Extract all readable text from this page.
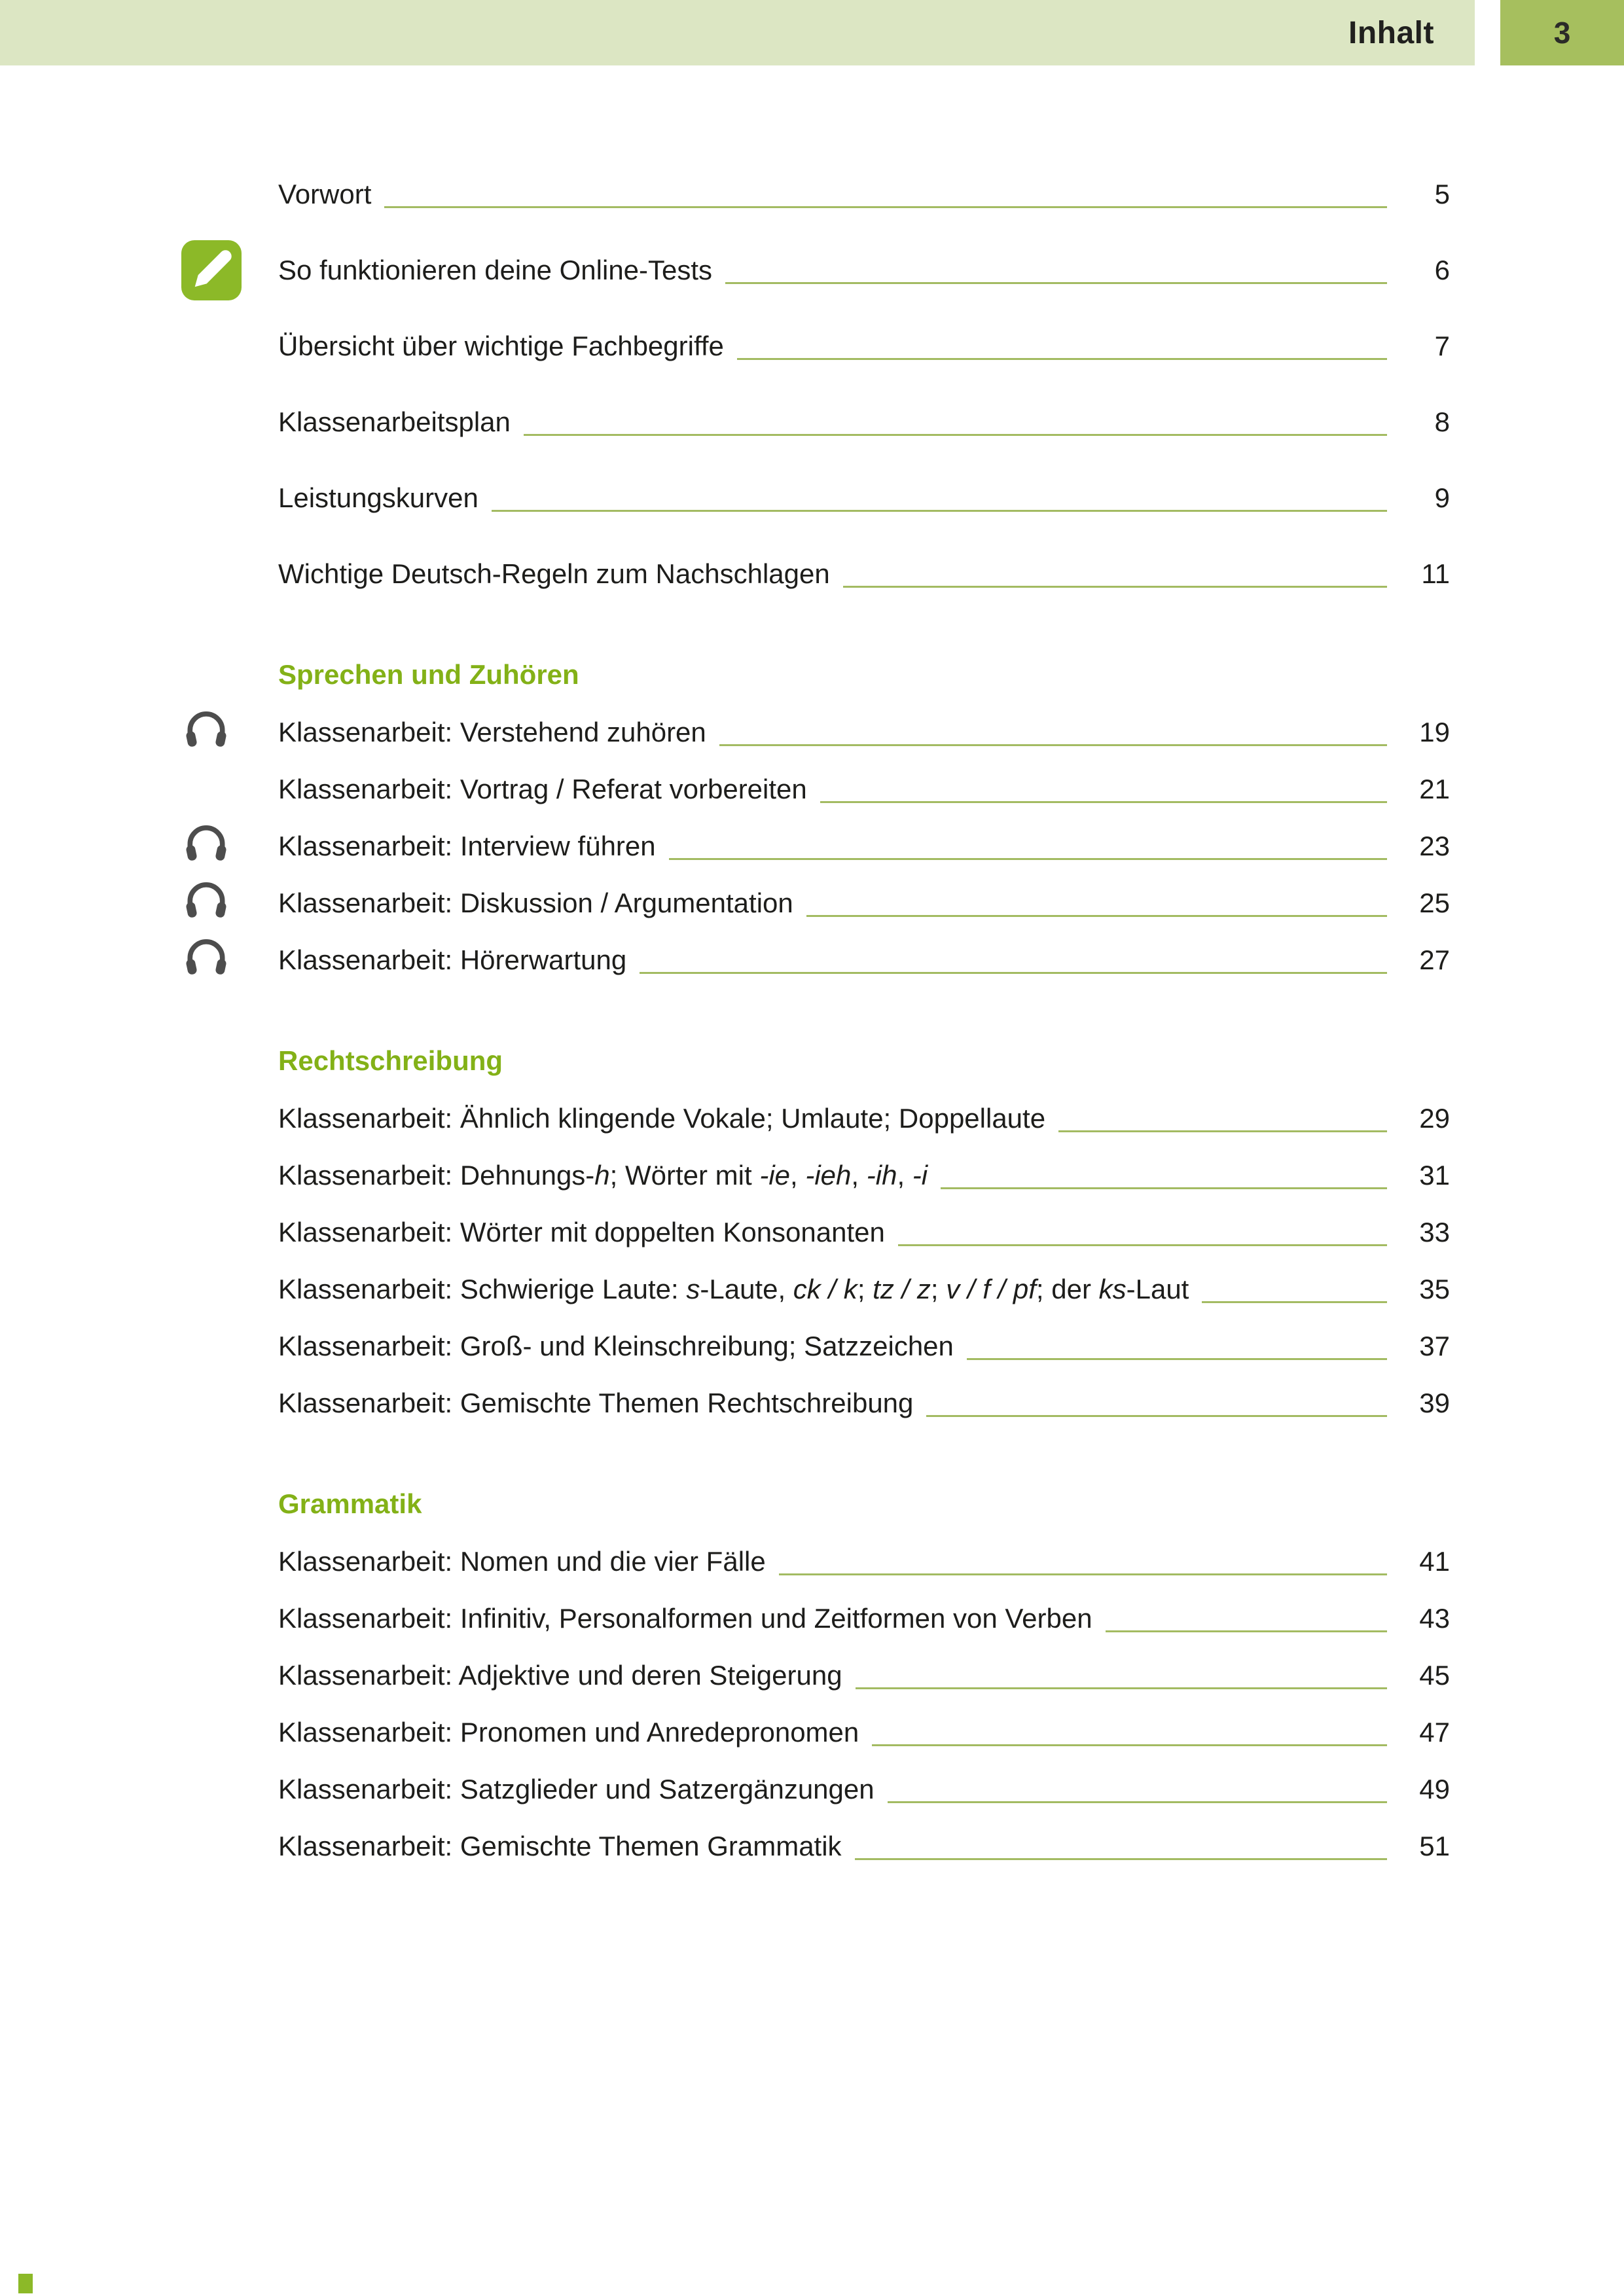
Inhalt	3
Vorwort	5
So funktionieren deine Online-Tests	6
Übersicht über wichtige Fachbegriffe	7
Klassenarbeitsplan	8
Leistungskurven	9
Wichtige Deutsch-Regeln zum Nachschlagen	11
Sprechen und Zuhören
Klassenarbeit: Verstehend zuhören	19
Klassenarbeit: Vortrag / Referat vorbereiten	21
Klassenarbeit: Interview führen	23
Klassenarbeit: Diskussion / Argumentation	25
Klassenarbeit: Hörerwartung	27
Rechtschreibung
Klassenarbeit: Ähnlich klingende Vokale; Umlaute; Doppellaute	29
Klassenarbeit: Dehnungs-h; Wörter mit -ie, -ieh, -ih, -i	31
Klassenarbeit: Wörter mit doppelten Konsonanten	33
Klassenarbeit: Schwierige Laute: s-Laute, ck / k; tz / z; v / f / pf; der ks-Laut	35
Klassenarbeit: Groß- und Kleinschreibung; Satzzeichen	37
Klassenarbeit: Gemischte Themen Rechtschreibung	39
Grammatik
Klassenarbeit: Nomen und die vier Fälle	41
Klassenarbeit: Infinitiv, Personalformen und Zeitformen von Verben	43
Klassenarbeit: Adjektive und deren Steigerung	45
Klassenarbeit: Pronomen und Anredepronomen	47
Klassenarbeit: Satzglieder und Satzergänzungen	49
Klassenarbeit: Gemischte Themen Grammatik	51
